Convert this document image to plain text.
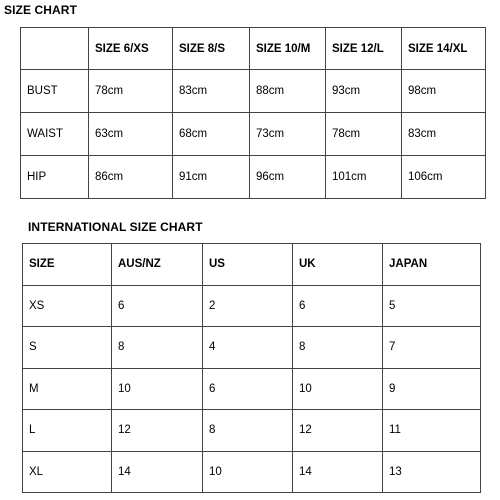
SIZE CHART
	SIZE 6/XS	SIZE 8/S	SIZE 10/M	SIZE 12/L	SIZE 14/XL
BUST	78cm	83cm	88cm	93cm	98cm
WAIST	63cm	68cm	73cm	78cm	83cm
HIP	86cm	91cm	96cm	101cm	106cm
INTERNATIONAL SIZE CHART
SIZE	AUS/NZ	US	UK	JAPAN
XS	6	2	6	5
S	8	4	8	7
M	10	6	10	9
L	12	8	12	11
XL	14	10	14	13
